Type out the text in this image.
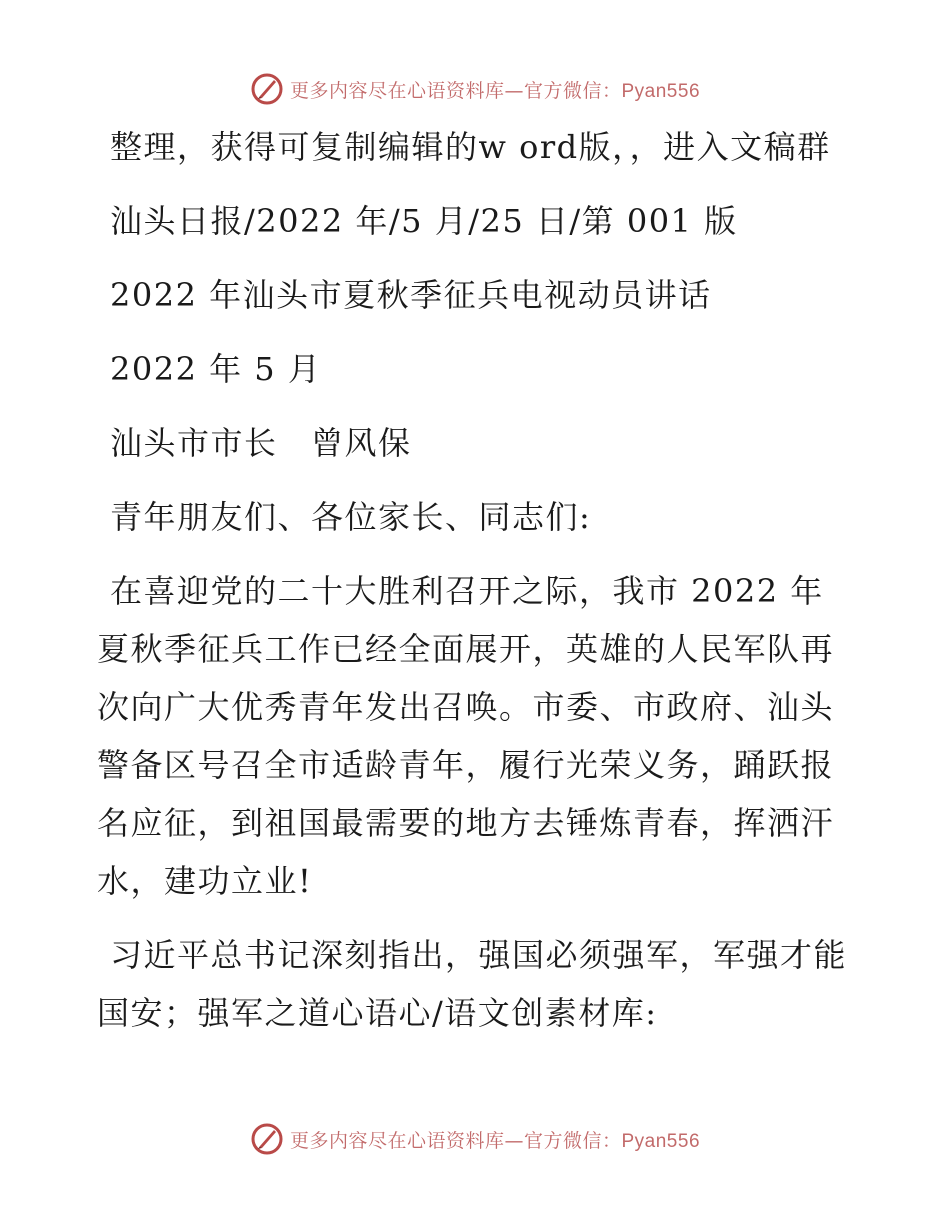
更多内容尽在心语资料库—官方微信：Pyan556

整理，获得可复制编辑的w ord版，，进入文稿群

汕头日报/2022 年/5 月/25 日/第 001 版

2022 年汕头市夏秋季征兵电视动员讲话

2022 年 5 月

汕头市市长　曾风保

青年朋友们、各位家长、同志们:

在喜迎党的二十大胜利召开之际，我市 2022 年夏秋季征兵工作已经全面展开，英雄的人民军队再次向广大优秀青年发出召唤。市委、市政府、汕头警备区号召全市适龄青年，履行光荣义务，踊跃报名应征，到祖国最需要的地方去锤炼青春，挥洒汗水，建功立业!

习近平总书记深刻指出，强国必须强军，军强才能国安；强军之道心语心/语文创素材库:

更多内容尽在心语资料库—官方微信：Pyan556
